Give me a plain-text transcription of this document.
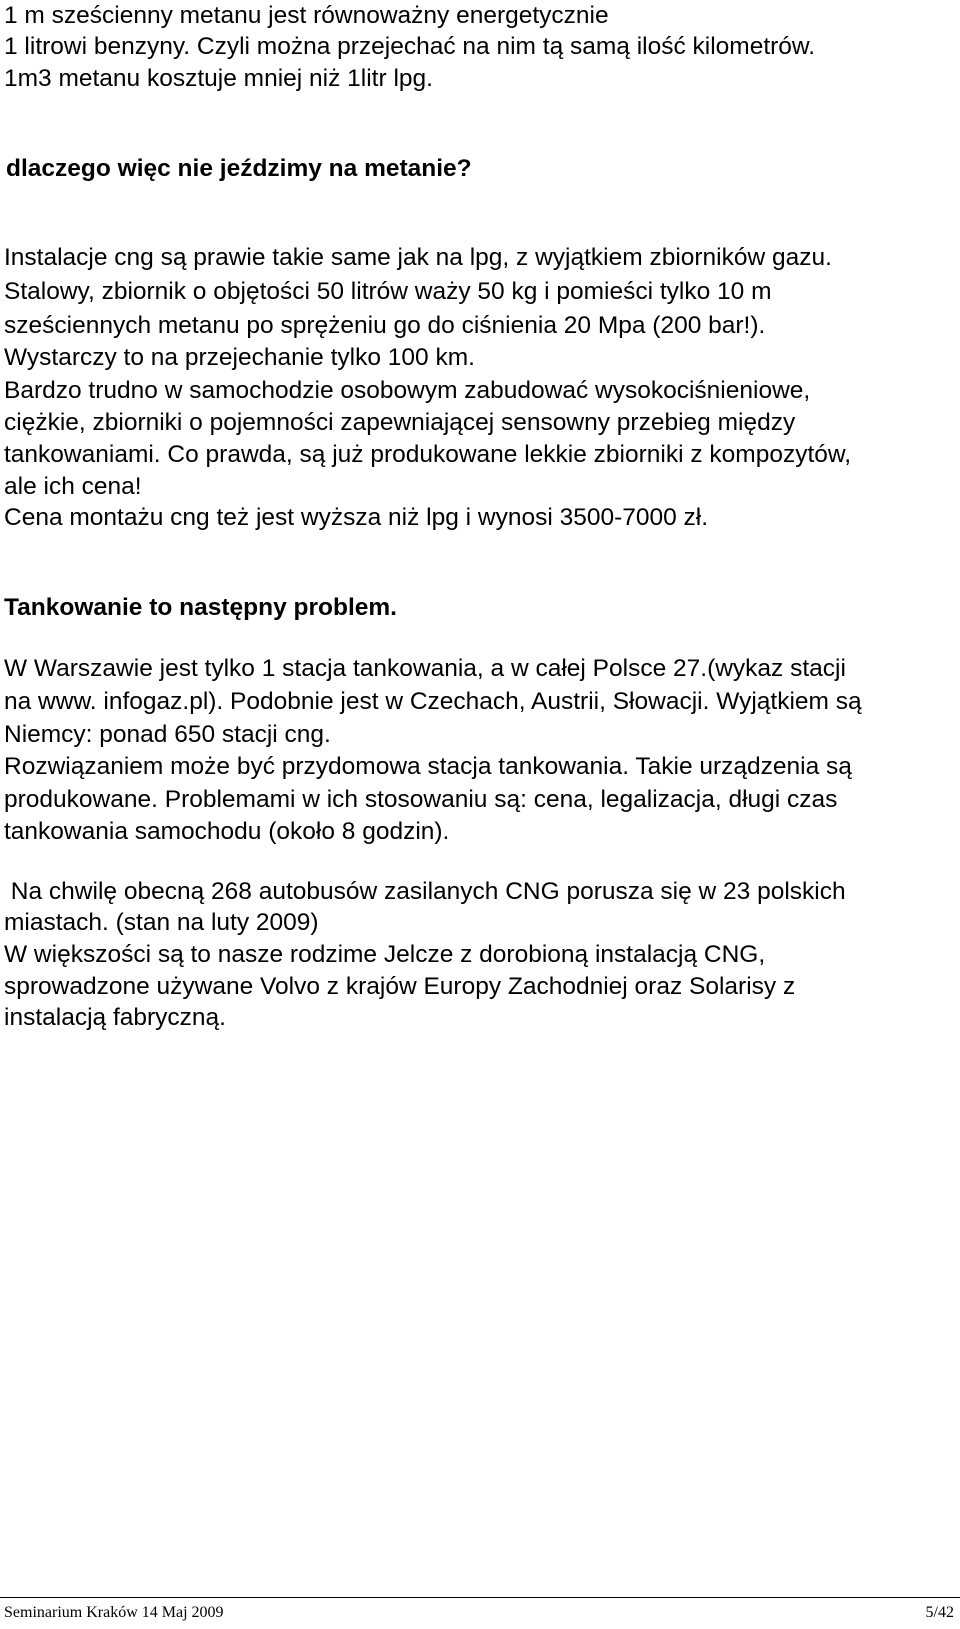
1 m sześcienny metanu jest równoważny energetycznie
1 litrowi benzyny. Czyli można przejechać na nim tą samą ilość kilometrów.
1m3 metanu kosztuje mniej niż 1litr lpg.
dlaczego więc nie jeździmy na metanie?
Instalacje cng są prawie takie same jak na lpg, z wyjątkiem zbiorników gazu.
Stalowy, zbiornik o objętości 50 litrów waży 50 kg i pomieści tylko 10 m
sześciennych metanu po sprężeniu go do ciśnienia 20 Mpa (200 bar!).
Wystarczy to na przejechanie tylko 100 km.
Bardzo trudno w samochodzie osobowym zabudować wysokociśnieniowe,
ciężkie, zbiorniki o pojemności zapewniającej sensowny przebieg między
tankowaniami. Co prawda, są już produkowane lekkie zbiorniki z kompozytów,
ale ich cena!
Cena montażu cng też jest wyższa niż lpg i wynosi 3500-7000 zł.
Tankowanie to następny problem.
W Warszawie jest tylko 1 stacja tankowania, a w całej Polsce 27.(wykaz stacji
na www. infogaz.pl). Podobnie jest w Czechach, Austrii, Słowacji. Wyjątkiem są
Niemcy: ponad 650 stacji cng.
Rozwiązaniem może być przydomowa stacja tankowania. Takie urządzenia są
produkowane. Problemami w ich stosowaniu są: cena, legalizacja, długi czas
tankowania samochodu (około 8 godzin).
Na chwilę obecną 268 autobusów zasilanych CNG porusza się w 23 polskich
miastach. (stan na luty 2009)
W większości są to nasze rodzime Jelcze z dorobioną instalacją CNG,
sprowadzone używane Volvo z krajów Europy Zachodniej oraz Solarisy z
instalacją fabryczną.
Seminarium Kraków 14 Maj 2009	5/42
